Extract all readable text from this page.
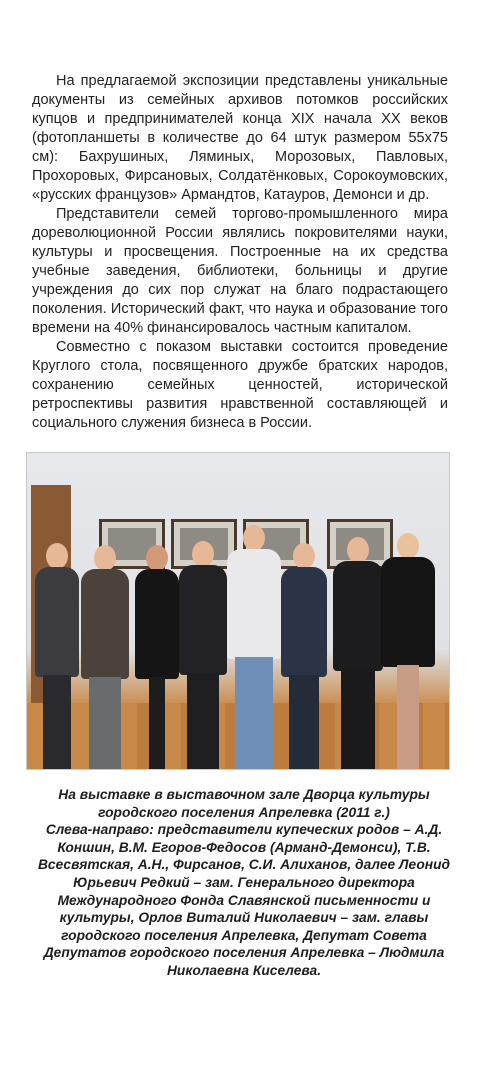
На предлагаемой экспозиции представлены уникальные документы из семейных архивов потомков российских купцов и предпринимателей конца XIX начала XX веков (фотопланшеты в количестве до 64 штук размером 55х75 см): Бахрушиных, Ляминых, Морозовых, Павловых, Прохоровых, Фирсановых, Солдатёнковых, Сорокоумовских, «русских французов» Армандтов, Катауров, Демонси и др.

Представители семей торгово-промышленного мира дореволюционной России являлись покровителями науки, культуры и просвещения. Построенные на их средства учебные заведения, библиотеки, больницы и другие учреждения до сих пор служат на благо подрастающего поколения. Исторический факт, что наука и образование того времени на 40% финансировалось частным капиталом.

Совместно с показом выставки состоится проведение Круглого стола, посвященного дружбе братских народов, сохранению семейных ценностей, исторической ретроспективы развития нравственной составляющей и социального служения бизнеса в России.

На выставке в выставочном зале Дворца культуры
городского поселения Апрелевка (2011 г.)
Слева-направо: представители купеческих родов – А.Д. Коншин, В.М. Егоров-Федосов (Арманд-Демонси), Т.В. Всесвятская, А.Н., Фирсанов, С.И. Алиханов, далее Леонид Юрьевич Редкий – зам. Генерального директора Международного Фонда Славянской письменности и культуры, Орлов Виталий Николаевич – зам. главы городского поселения Апрелевка, Депутат Совета Депутатов городского поселения Апрелевка – Людмила Николаевна Киселева.
